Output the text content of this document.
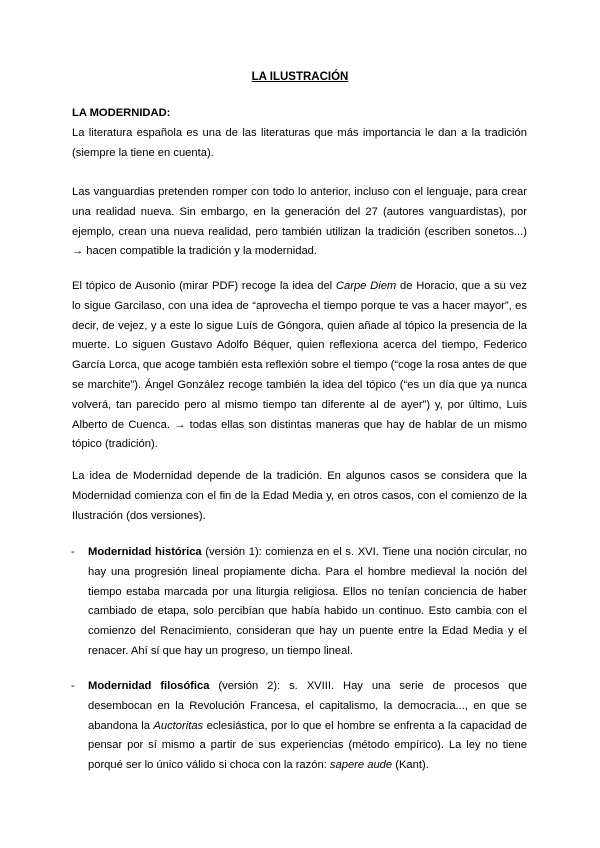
LA ILUSTRACIÓN

LA MODERNIDAD:

La literatura española es una de las literaturas que más importancia le dan a la tradición (siempre la tiene en cuenta).

Las vanguardias pretenden romper con todo lo anterior, incluso con el lenguaje, para crear una realidad nueva. Sin embargo, en la generación del 27 (autores vanguardistas), por ejemplo, crean una nueva realidad, pero también utilizan la tradición (escriben sonetos...) → hacen compatible la tradición y la modernidad.

El tópico de Ausonio (mirar PDF) recoge la idea del Carpe Diem de Horacio, que a su vez lo sigue Garcilaso, con una idea de “aprovecha el tiempo porque te vas a hacer mayor”, es decir, de vejez, y a este lo sigue Luís de Góngora, quien añade al tópico la presencia de la muerte. Lo siguen Gustavo Adolfo Béquer, quien reflexiona acerca del tiempo, Federico García Lorca, que acoge también esta reflexión sobre el tiempo (“coge la rosa antes de que se marchite”). Ángel González recoge también la idea del tópico (“es un día que ya nunca volverá, tan parecido pero al mismo tiempo tan diferente al de ayer”) y, por último, Luis Alberto de Cuenca. → todas ellas son distintas maneras que hay de hablar de un mismo tópico (tradición).

La idea de Modernidad depende de la tradición. En algunos casos se considera que la Modernidad comienza con el fin de la Edad Media y, en otros casos, con el comienzo de la Ilustración (dos versiones).

- Modernidad histórica (versión 1): comienza en el s. XVI. Tiene una noción circular, no hay una progresión lineal propiamente dicha. Para el hombre medieval la noción del tiempo estaba marcada por una liturgia religiosa. Ellos no tenían conciencia de haber cambiado de etapa, solo percibían que había habido un continuo. Esto cambia con el comienzo del Renacimiento, consideran que hay un puente entre la Edad Media y el renacer. Ahí sí que hay un progreso, un tiempo lineal.
- Modernidad filosófica (versión 2): s. XVIII. Hay una serie de procesos que desembocan en la Revolución Francesa, el capitalismo, la democracia..., en que se abandona la Auctoritas eclesiástica, por lo que el hombre se enfrenta a la capacidad de pensar por sí mismo a partir de sus experiencias (método empírico). La ley no tiene porqué ser lo único válido si choca con la razón: sapere aude (Kant).
